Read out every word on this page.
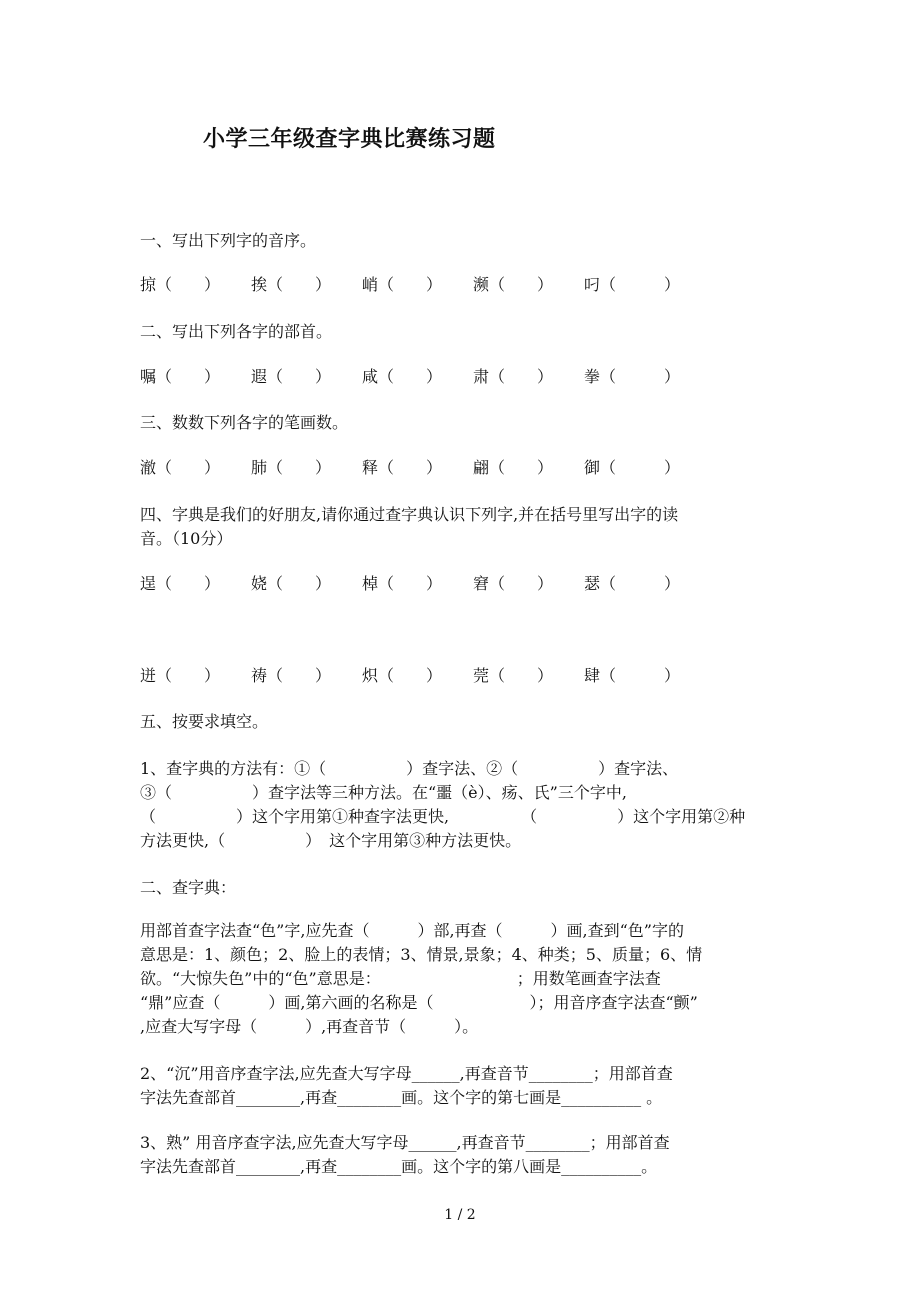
小学三年级查字典比赛练习题
一、写出下列字的音序。
掠（　　） 挨（　　） 峭（　　） 濒（　　） 叼（　　　）
二、写出下列各字的部首。
嘱（　　） 遐（　　） 咸（　　） 肃（　　） 拳（　　　）
三、数数下列各字的笔画数。
澈（　　） 肺（　　） 释（　　） 翩（　　） 御（　　　）
四、字典是我们的好朋友,请你通过查字典认识下列字,并在括号里写出字的读
音。（10分）
逞（　　） 娆（　　） 棹（　　） 窘（　　） 瑟（　　　）
迸（　　） 祷（　　） 炽（　　） 莞（　　） 肆（　　　）
五、按要求填空。
1、查字典的方法有：①（　　　　　）查字法、②（　　　　　）查字法、
③（　　　　　）查字法等三种方法。在“噩（è）、疡、氏”三个字中,
（　　　　　）这个字用第①种查字法更快,　　　　　（　　　　　）这个字用第②种
方法更快,（　　　　　）　这个字用第③种方法更快。
二、查字典：
用部首查字法查“色”字,应先查（　　　）部,再查（　　　）画,查到“色”字的
意思是：1、颜色；2、脸上的表情；3、情景,景象；4、种类；5、质量；6、情
欲。“大惊失色”中的“色”意思是：　　　　　　　　　；用数笔画查字法查
“鼎”应查（　　　）画,第六画的名称是（　　　　　　）；用音序查字法查“颤”
,应查大写字母（　　　）,再查音节（　　　）。
2、“沉”用音序查字法,应先查大写字母______,再查音节________；用部首查
字法先查部首________,再查________画。这个字的第七画是__________ 。
3、熟” 用音序查字法,应先查大写字母______,再查音节________；用部首查
字法先查部首________,再查________画。这个字的第八画是__________。
1 / 2
